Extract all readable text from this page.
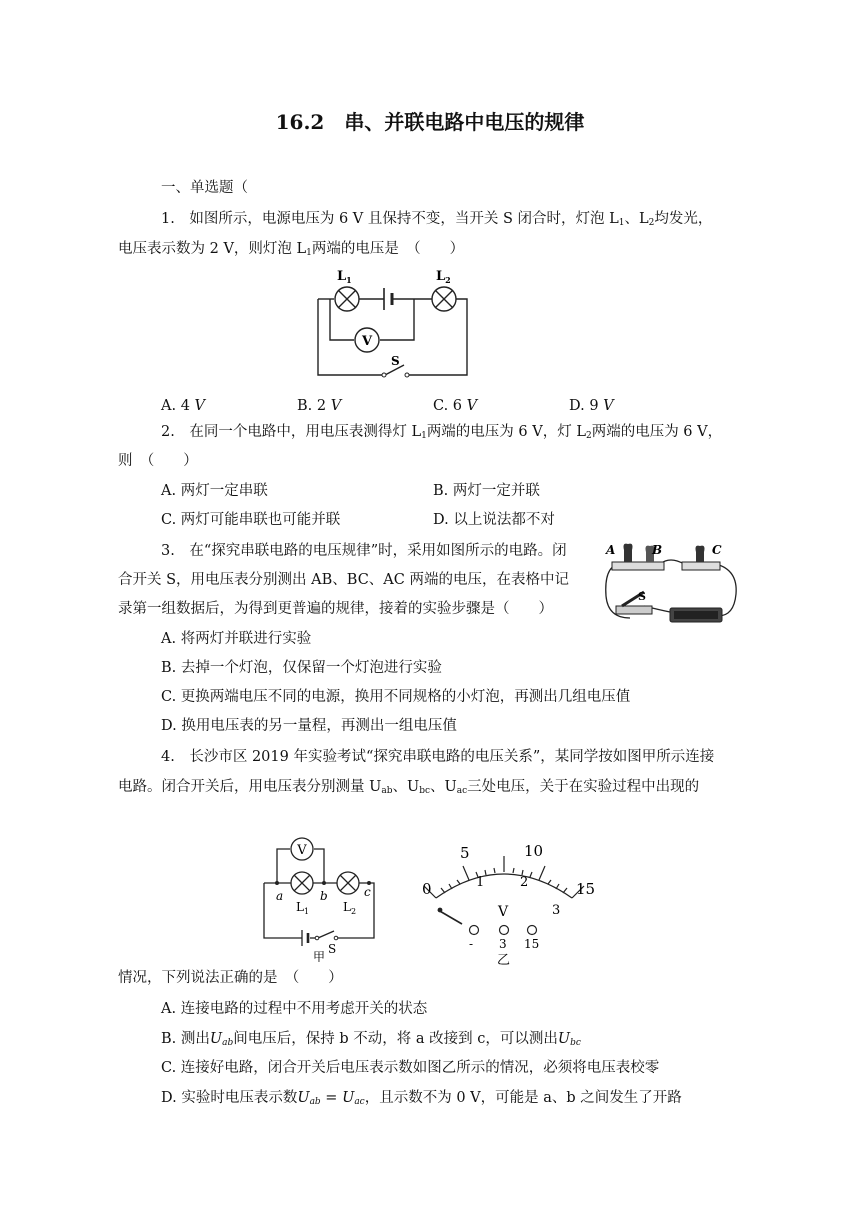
16.2　串、并联电路中电压的规律
一、单选题（
1.　如图所示，电源电压为 6 V 且保持不变，当开关 S 闭合时，灯泡 $L_1$、$L_2$均发光，
电压表示数为 2 V，则灯泡 $L_1$两端的电压是　（　　）
$L_1$	$L_2$
V
S
A. 4 V	B. 2 V	C. 6 V	D. 9 V
2.　在同一个电路中，用电压表测得灯 $L_1$两端的电压为 6 V，灯 $L_2$两端的电压为 6 V，
则　（　　）
A. 两灯一定串联	B. 两灯一定并联
C. 两灯可能串联也可能并联	D. 以上说法都不对
3.　在“探究串联电路的电压规律”时，采用如图所示的电路。闭
合开关 S，用电压表分别测出 AB、BC、AC 两端的电压，在表格中记
录第一组数据后，为得到更普遍的规律，接着的实验步骤是（　　）
A	B	C
S
A. 将两灯并联进行实验
B. 去掉一个灯泡，仅保留一个灯泡进行实验
C. 更换两端电压不同的电源，换用不同规格的小灯泡，再测出几组电压值
D. 换用电压表的另一量程，再测出一组电压值
4.　长沙市区 2019 年实验考试“探究串联电路的电压关系”，某同学按如图甲所示连接
电路。闭合开关后，用电压表分别测量 $U_{ab}$、$U_{bc}$、$U_{ac}$三处电压，关于在实验过程中出现的
V
a	b	c
$L_1$	$L_2$
S
甲
0
5	10
15
1	2
3
V
- 3 15
乙
情况，下列说法正确的是　（　　）
A. 连接电路的过程中不用考虑开关的状态
B. 测出$U_{ab}$间电压后，保持 b 不动，将 a 改接到 c，可以测出$U_{bc}$
C. 连接好电路，闭合开关后电压表示数如图乙所示的情况，必须将电压表校零
D. 实验时电压表示数$U_{ab} = U_{ac}$，且示数不为 0 V，可能是 a、b 之间发生了开路
